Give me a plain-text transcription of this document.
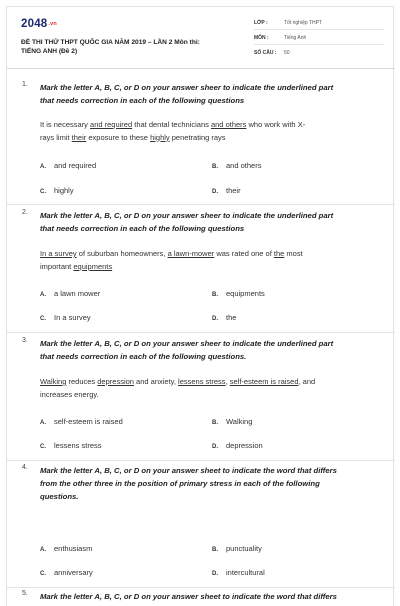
2048.vn
ĐỀ THI THỬ THPT QUỐC GIA NĂM 2019 – LẦN 2 Môn thi:
TIẾNG ANH (Đề 2)
LỚP :	Tốt nghiệp THPT
MÔN :	Tiếng Anh
SỐ CÂU : 50
1. Mark the letter A, B, C, or D on your answer sheer to indicate the underlined part
that needs correction in each of the following questions
It is necessary and required that dental technicians and others who work with X-
rays limit their exposure to these highly penetrating rays
A. and required	B. and others
C. highly	D. their
2. Mark the letter A, B, C, or D on your answer sheer to indicate the underlined part
that needs correction in each of the following questions
In a survey of suburban homeowners, a lawn-mower was rated one of the most
important equipments
A. a lawn mower	B. equipments
C. In a survey	D. the
3. Mark the letter A, B, C, or D on your answer sheer to indicate the underlined part
that needs correction in each of the following questions.
Walking reduces depression and anxiety, lessens stress, self-esteem is raised, and
increases energy.
A. self-esteem is raised	B. Walking
C. lessens stress	D. depression
4. Mark the letter A, B, C, or D on your answer sheet to indicate the word that differs
from the other three in the position of primary stress in each of the following
questions.
A. enthusiasm	B. punctuality
C. anniversary	D. intercultural
5. Mark the letter A, B, C, or D on your answer sheet to indicate the word that differs
